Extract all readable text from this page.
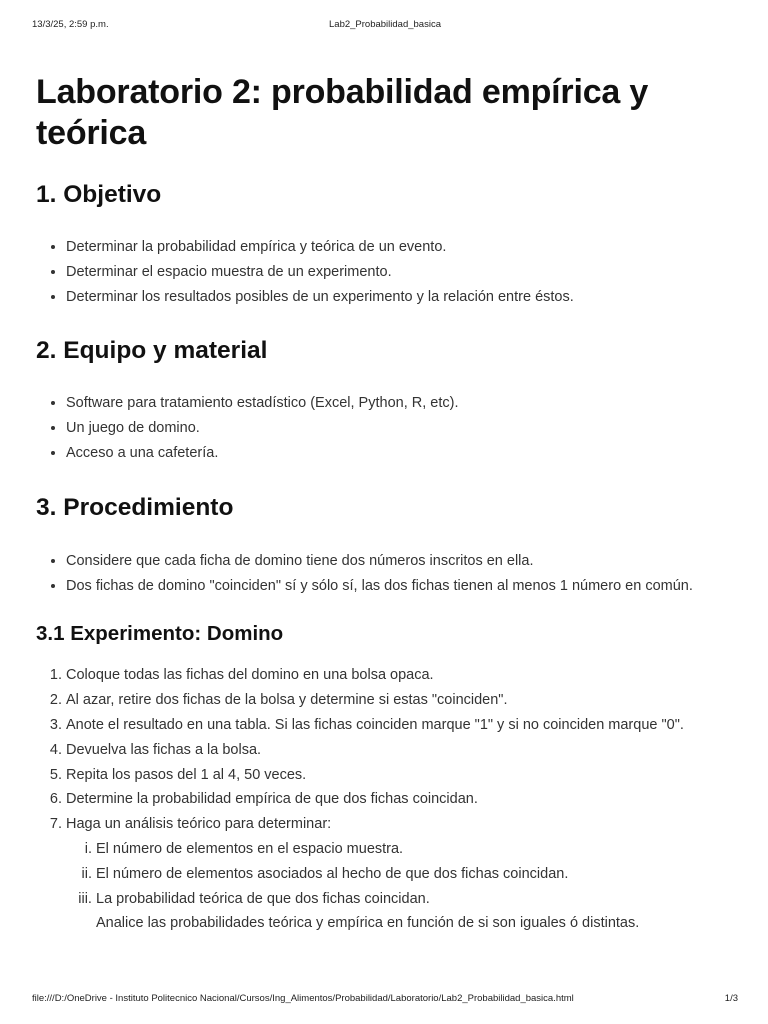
13/3/25, 2:59 p.m.	Lab2_Probabilidad_basica
Laboratorio 2: probabilidad empírica y teórica
1. Objetivo
• Determinar la probabilidad empírica y teórica de un evento.
• Determinar el espacio muestra de un experimento.
• Determinar los resultados posibles de un experimento y la relación entre éstos.
2. Equipo y material
• Software para tratamiento estadístico (Excel, Python, R, etc).
• Un juego de domino.
• Acceso a una cafetería.
3. Procedimiento
• Considere que cada ficha de domino tiene dos números inscritos en ella.
• Dos fichas de domino "coinciden" sí y sólo sí, las dos fichas tienen al menos 1 número en común.
3.1 Experimento: Domino
1. Coloque todas las fichas del domino en una bolsa opaca.
2. Al azar, retire dos fichas de la bolsa y determine si estas "coinciden".
3. Anote el resultado en una tabla. Si las fichas coinciden marque "1" y si no coinciden marque "0".
4. Devuelva las fichas a la bolsa.
5. Repita los pasos del 1 al 4, 50 veces.
6. Determine la probabilidad empírica de que dos fichas coincidan.
7. Haga un análisis teórico para determinar:
i. El número de elementos en el espacio muestra.
ii. El número de elementos asociados al hecho de que dos fichas coincidan.
iii. La probabilidad teórica de que dos fichas coincidan.
Analice las probabilidades teórica y empírica en función de si son iguales ó distintas.
file:///D:/OneDrive - Instituto Politecnico Nacional/Cursos/Ing_Alimentos/Probabilidad/Laboratorio/Lab2_Probabilidad_basica.html	1/3
